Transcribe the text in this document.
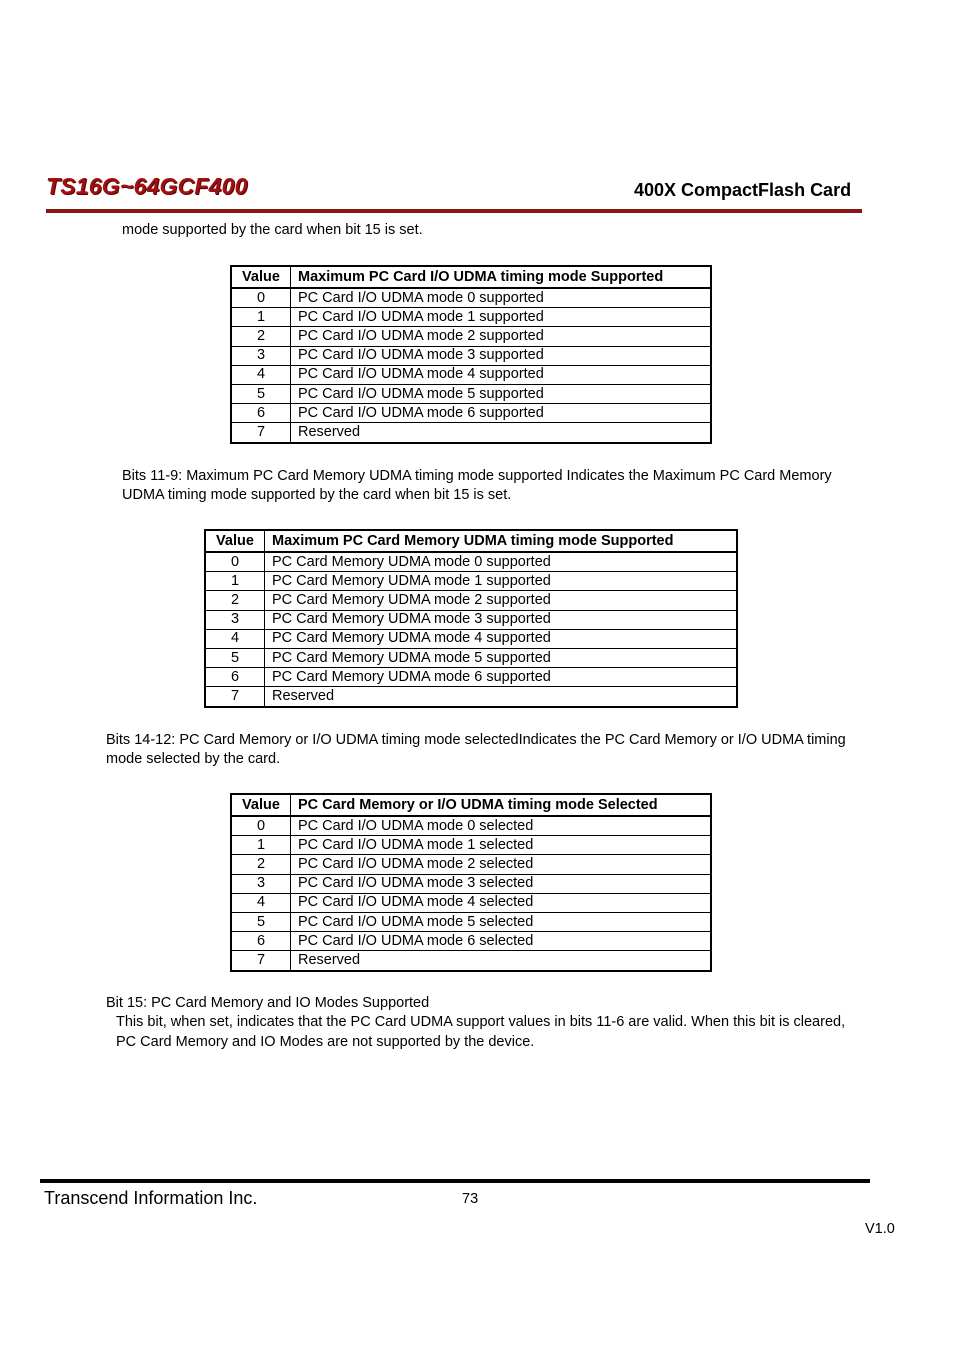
TS16G~64GCF400	400X CompactFlash Card
mode supported by the card when bit 15 is set.
Value	Maximum PC Card I/O UDMA timing mode Supported
0	PC Card I/O UDMA mode 0 supported
1	PC Card I/O UDMA mode 1 supported
2	PC Card I/O UDMA mode 2 supported
3	PC Card I/O UDMA mode 3 supported
4	PC Card I/O UDMA mode 4 supported
5	PC Card I/O UDMA mode 5 supported
6	PC Card I/O UDMA mode 6 supported
7	Reserved
Bits 11-9: Maximum PC Card Memory UDMA timing mode supported Indicates the Maximum PC Card Memory
UDMA timing mode supported by the card when bit 15 is set.
Value	Maximum PC Card Memory UDMA timing mode Supported
0	PC Card Memory UDMA mode 0 supported
1	PC Card Memory UDMA mode 1 supported
2	PC Card Memory UDMA mode 2 supported
3	PC Card Memory UDMA mode 3 supported
4	PC Card Memory UDMA mode 4 supported
5	PC Card Memory UDMA mode 5 supported
6	PC Card Memory UDMA mode 6 supported
7	Reserved
Bits 14-12: PC Card Memory or I/O UDMA timing mode selectedIndicates the PC Card Memory or I/O UDMA timing
mode selected by the card.
Value	PC Card Memory or I/O UDMA timing mode Selected
0	PC Card I/O UDMA mode 0 selected
1	PC Card I/O UDMA mode 1 selected
2	PC Card I/O UDMA mode 2 selected
3	PC Card I/O UDMA mode 3 selected
4	PC Card I/O UDMA mode 4 selected
5	PC Card I/O UDMA mode 5 selected
6	PC Card I/O UDMA mode 6 selected
7	Reserved
Bit 15: PC Card Memory and IO Modes Supported
This bit, when set, indicates that the PC Card UDMA support values in bits 11-6 are valid. When this bit is cleared,
PC Card Memory and IO Modes are not supported by the device.
Transcend Information Inc.	73
V1.0
